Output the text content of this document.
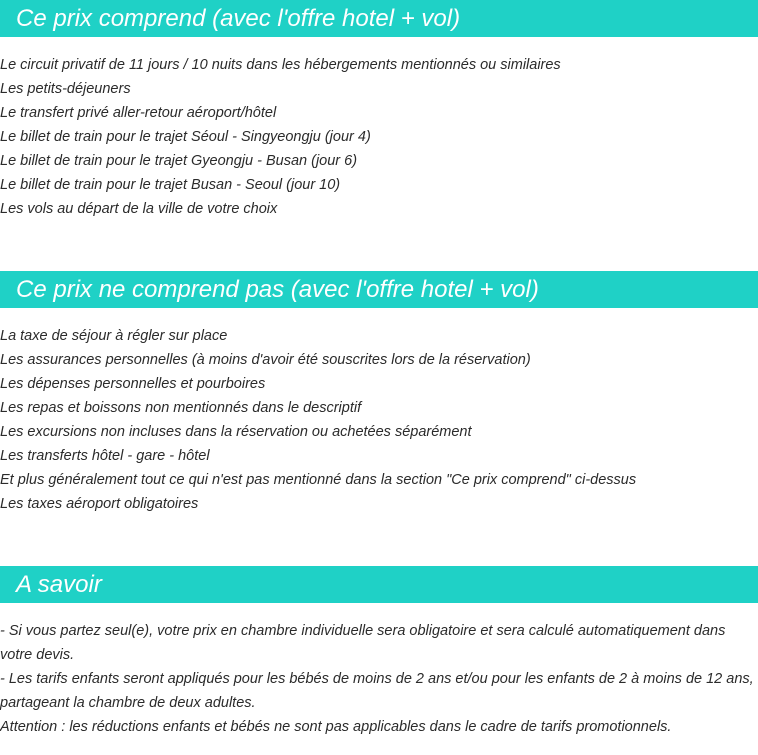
Ce prix comprend (avec l'offre hotel + vol)
Le circuit privatif de 11 jours / 10 nuits dans les hébergements mentionnés ou similaires
Les petits-déjeuners
Le transfert privé aller-retour aéroport/hôtel
Le billet de train pour le trajet Séoul - Singyeongju (jour 4)
Le billet de train pour le trajet Gyeongju - Busan (jour 6)
Le billet de train pour le trajet Busan - Seoul (jour 10)
Les vols au départ de la ville de votre choix
Ce prix ne comprend pas (avec l'offre hotel + vol)
La taxe de séjour à régler sur place
Les assurances personnelles (à moins d'avoir été souscrites lors de la réservation)
Les dépenses personnelles et pourboires
Les repas et boissons non mentionnés dans le descriptif
Les excursions non incluses dans la réservation ou achetées séparément
Les transferts hôtel - gare - hôtel
Et plus généralement tout ce qui n'est pas mentionné dans la section "Ce prix comprend" ci-dessus
Les taxes aéroport obligatoires
A savoir

- Si vous partez seul(e), votre prix en chambre individuelle sera obligatoire et sera calculé automatiquement dans votre devis.

- Les tarifs enfants seront appliqués pour les bébés de moins de 2 ans et/ou pour les enfants de 2 à moins de 12 ans, partageant la chambre de deux adultes.

Attention : les réductions enfants et bébés ne sont pas applicables dans le cadre de tarifs promotionnels.
